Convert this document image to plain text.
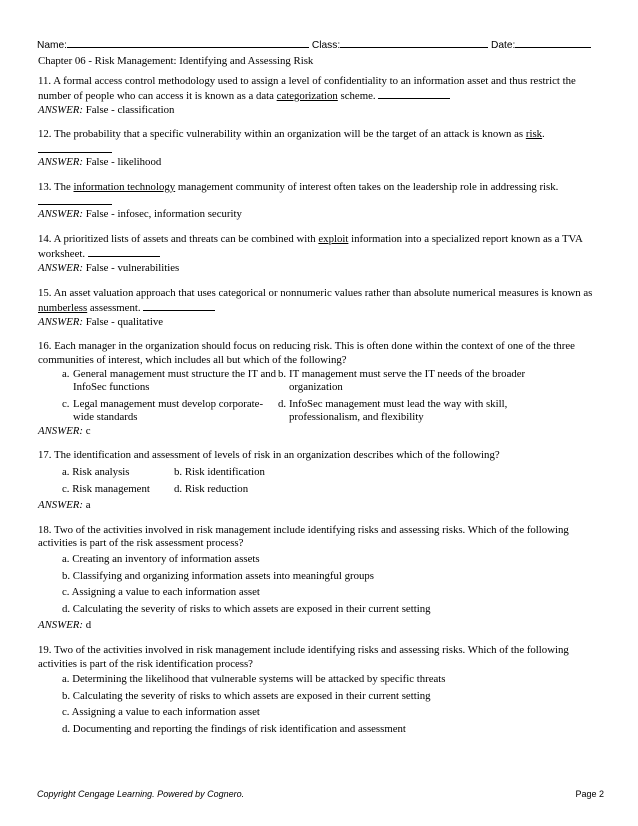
Name:	Class:	Date:
Chapter 06 - Risk Management: Identifying and Assessing Risk
11. A formal access control methodology used to assign a level of confidentiality to an information asset and thus restrict the number of people who can access it is known as a data categorization scheme.
ANSWER: False - classification
12. The probability that a specific vulnerability within an organization will be the target of an attack is known as risk.
ANSWER: False - likelihood
13. The information technology management community of interest often takes on the leadership role in addressing risk.
ANSWER: False - infosec, information security
14. A prioritized lists of assets and threats can be combined with exploit information into a specialized report known as a TVA worksheet.
ANSWER: False - vulnerabilities
15. An asset valuation approach that uses categorical or nonnumeric values rather than absolute numerical measures is known as numberless assessment.
ANSWER: False - qualitative
16. Each manager in the organization should focus on reducing risk. This is often done within the context of one of the three communities of interest, which includes all but which of the following?
a. General management must structure the IT and InfoSec functions
b. IT management must serve the IT needs of the broader organization
c. Legal management must develop corporate-wide standards
d. InfoSec management must lead the way with skill, professionalism, and flexibility
ANSWER: c
17. The identification and assessment of levels of risk in an organization describes which of the following?
a. Risk analysis	b. Risk identification
c. Risk management	d. Risk reduction
ANSWER: a
18. Two of the activities involved in risk management include identifying risks and assessing risks. Which of the following activities is part of the risk assessment process?
a. Creating an inventory of information assets
b. Classifying and organizing information assets into meaningful groups
c. Assigning a value to each information asset
d. Calculating the severity of risks to which assets are exposed in their current setting
ANSWER: d
19. Two of the activities involved in risk management include identifying risks and assessing risks. Which of the following activities is part of the risk identification process?
a. Determining the likelihood that vulnerable systems will be attacked by specific threats
b. Calculating the severity of risks to which assets are exposed in their current setting
c. Assigning a value to each information asset
d. Documenting and reporting the findings of risk identification and assessment
Copyright Cengage Learning. Powered by Cognero.	Page 2
